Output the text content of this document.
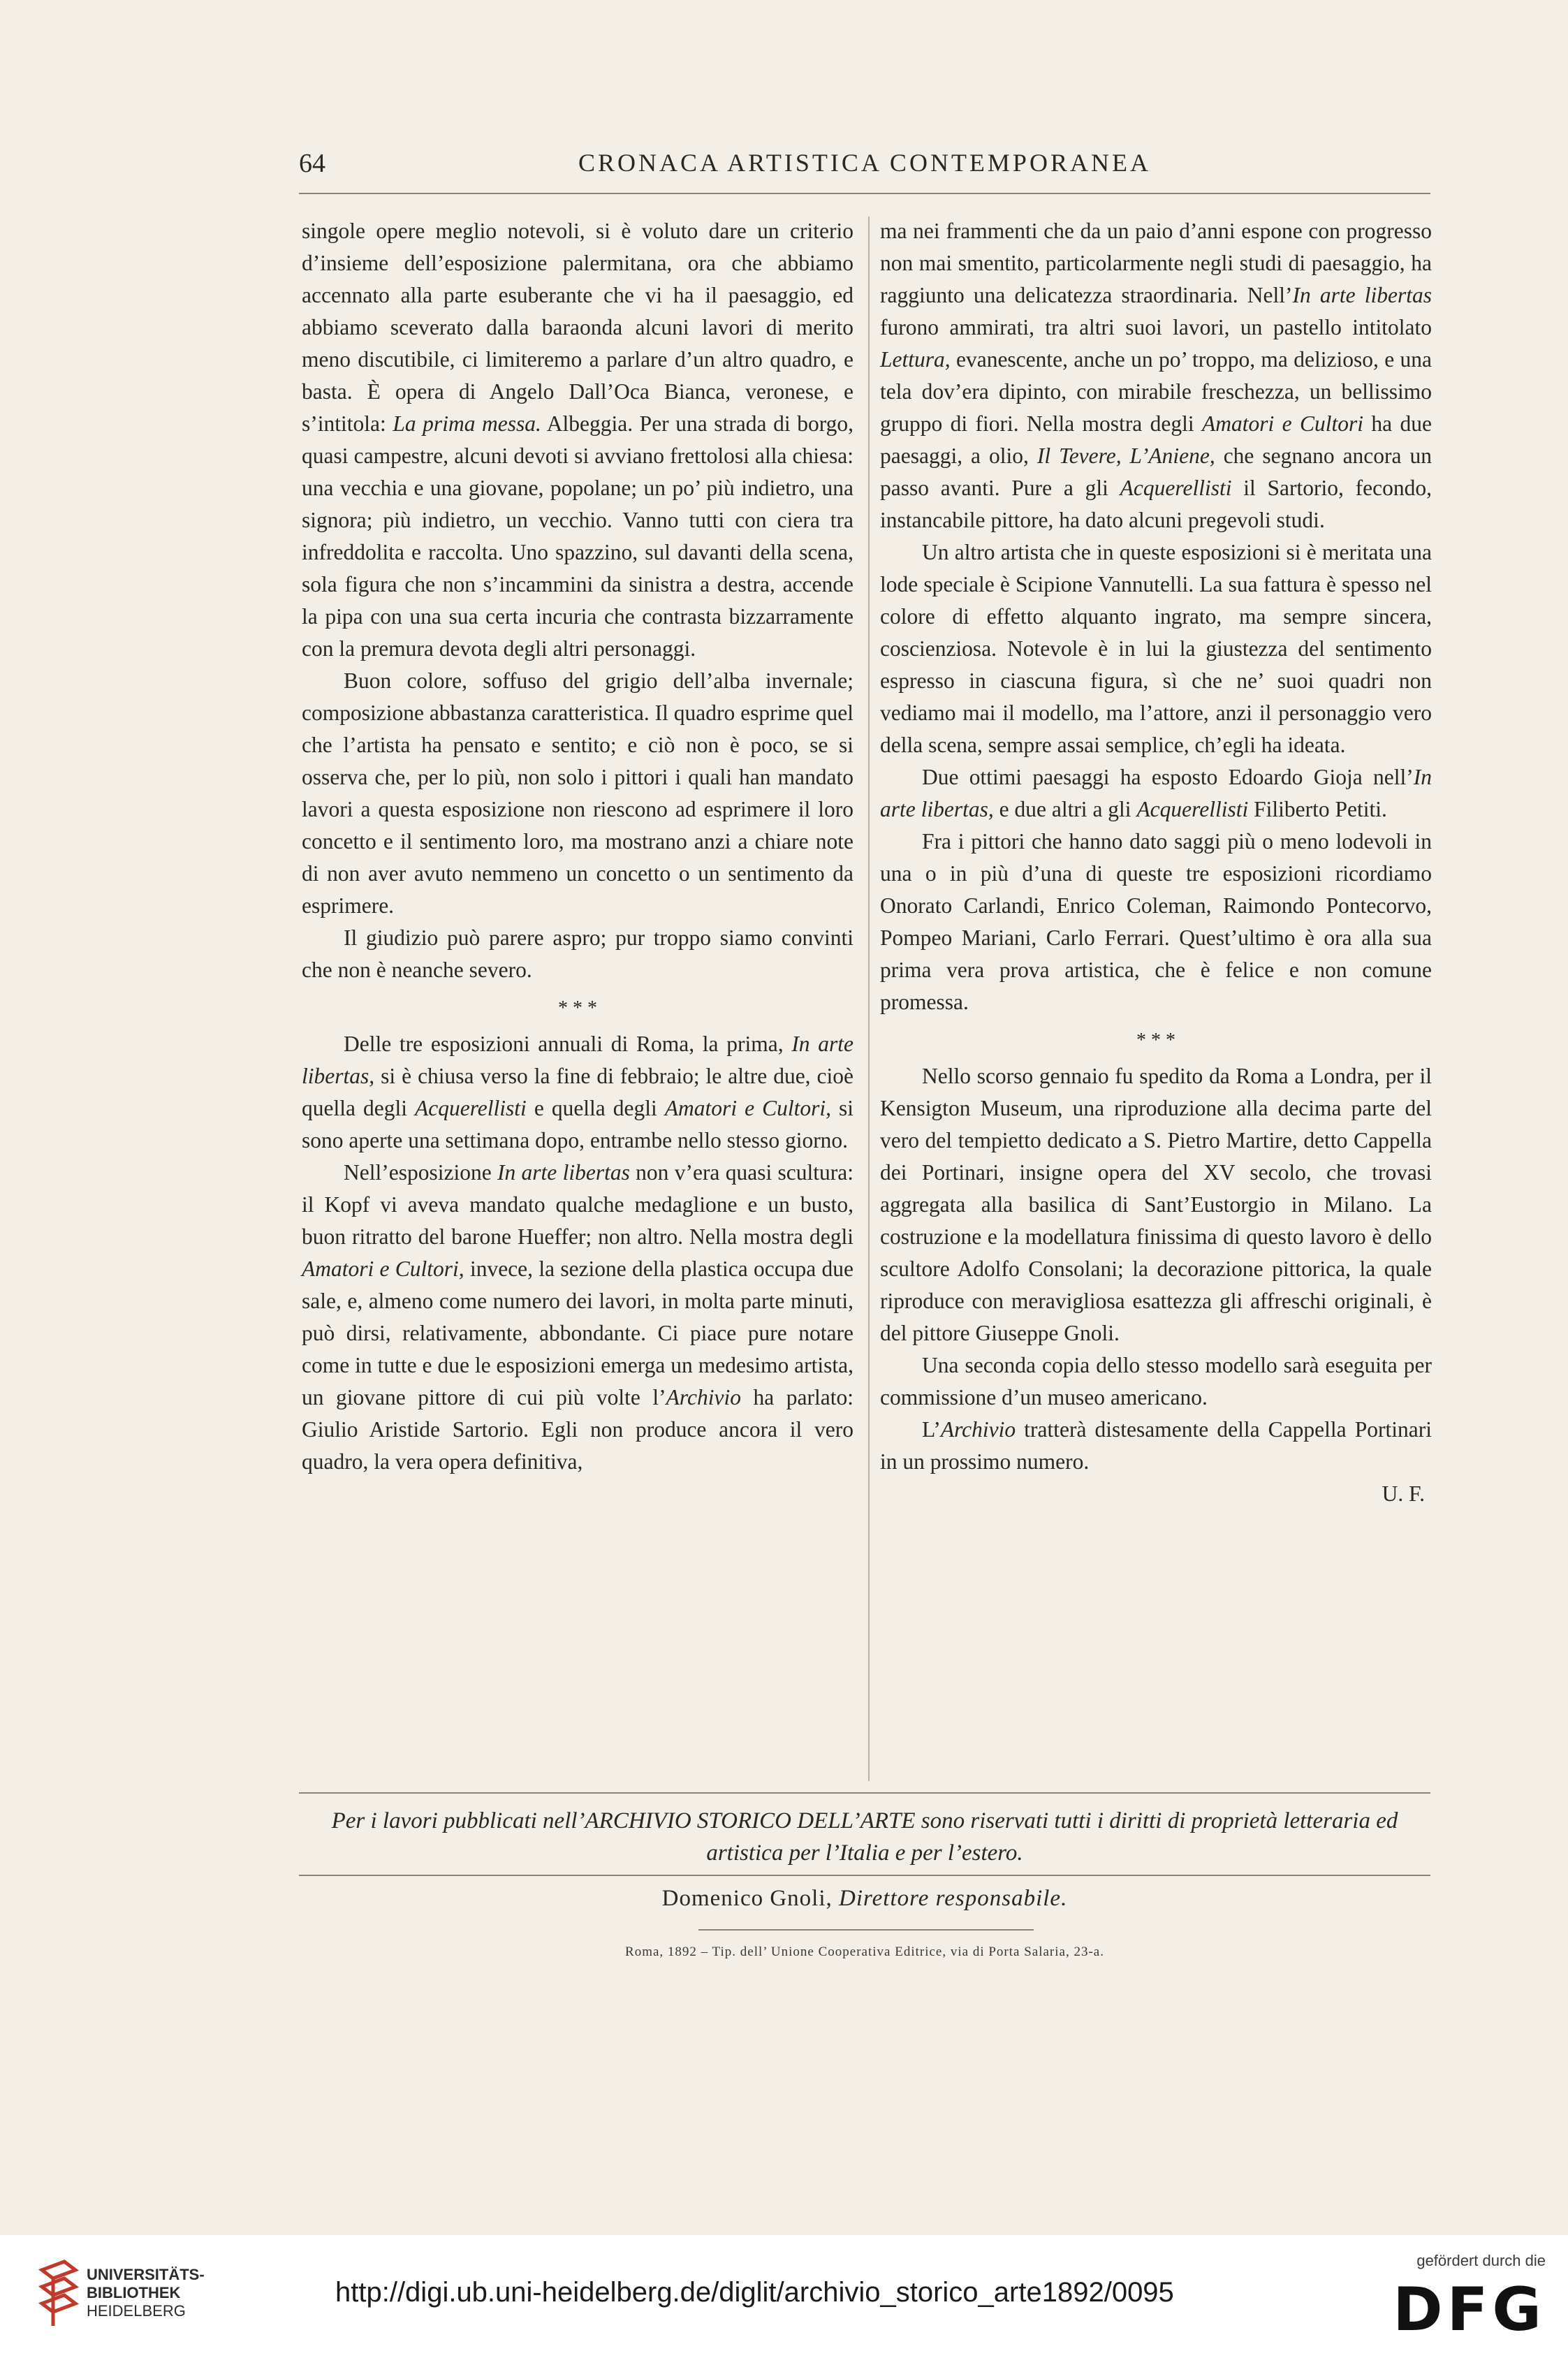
64	CRONACA ARTISTICA CONTEMPORANEA

singole opere meglio notevoli, si è voluto dare un criterio d’insieme dell’esposizione palermitana, ora che abbiamo accennato alla parte esuberante che vi ha il paesaggio, ed abbiamo sceverato dalla baraonda alcuni lavori di merito meno discutibile, ci limiteremo a parlare d’un altro quadro, e basta. È opera di Angelo Dall’Oca Bianca, veronese, e s’intitola: La prima messa. Albeggia. Per una strada di borgo, quasi campestre, alcuni devoti si avviano frettolosi alla chiesa: una vecchia e una giovane, popolane; un po’ più indietro, una signora; più indietro, un vecchio. Vanno tutti con ciera tra infreddolita e raccolta. Uno spazzino, sul davanti della scena, sola figura che non s’incammini da sinistra a destra, accende la pipa con una sua certa incuria che contrasta bizzarramente con la premura devota degli altri personaggi.

Buon colore, soffuso del grigio dell’alba invernale; composizione abbastanza caratteristica. Il quadro esprime quel che l’artista ha pensato e sentito; e ciò non è poco, se si osserva che, per lo più, non solo i pittori i quali han mandato lavori a questa esposizione non riescono ad esprimere il loro concetto e il sentimento loro, ma mostrano anzi a chiare note di non aver avuto nemmeno un concetto o un sentimento da esprimere.

Il giudizio può parere aspro; pur troppo siamo convinti che non è neanche severo.

* * *

Delle tre esposizioni annuali di Roma, la prima, In arte libertas, si è chiusa verso la fine di febbraio; le altre due, cioè quella degli Acquerellisti e quella degli Amatori e Cultori, si sono aperte una settimana dopo, entrambe nello stesso giorno.

Nell’esposizione In arte libertas non v’era quasi scultura: il Kopf vi aveva mandato qualche medaglione e un busto, buon ritratto del barone Hueffer; non altro. Nella mostra degli Amatori e Cultori, invece, la sezione della plastica occupa due sale, e, almeno come numero dei lavori, in molta parte minuti, può dirsi, relativamente, abbondante. Ci piace pure notare come in tutte e due le esposizioni emerga un medesimo artista, un giovane pittore di cui più volte l’Archivio ha parlato: Giulio Aristide Sartorio. Egli non produce ancora il vero quadro, la vera opera definitiva,

ma nei frammenti che da un paio d’anni espone con progresso non mai smentito, particolarmente negli studi di paesaggio, ha raggiunto una delicatezza straordinaria. Nell’In arte libertas furono ammirati, tra altri suoi lavori, un pastello intitolato Lettura, evanescente, anche un po’ troppo, ma delizioso, e una tela dov’era dipinto, con mirabile freschezza, un bellissimo gruppo di fiori. Nella mostra degli Amatori e Cultori ha due paesaggi, a olio, Il Tevere, L’Aniene, che segnano ancora un passo avanti. Pure a gli Acquerellisti il Sartorio, fecondo, instancabile pittore, ha dato alcuni pregevoli studi.

Un altro artista che in queste esposizioni si è meritata una lode speciale è Scipione Vannutelli. La sua fattura è spesso nel colore di effetto alquanto ingrato, ma sempre sincera, coscienziosa. Notevole è in lui la giustezza del sentimento espresso in ciascuna figura, sì che ne’ suoi quadri non vediamo mai il modello, ma l’attore, anzi il personaggio vero della scena, sempre assai semplice, ch’egli ha ideata.

Due ottimi paesaggi ha esposto Edoardo Gioja nell’In arte libertas, e due altri a gli Acquerellisti Filiberto Petiti.

Fra i pittori che hanno dato saggi più o meno lodevoli in una o in più d’una di queste tre esposizioni ricordiamo Onorato Carlandi, Enrico Coleman, Raimondo Pontecorvo, Pompeo Mariani, Carlo Ferrari. Quest’ultimo è ora alla sua prima vera prova artistica, che è felice e non comune promessa.

* * *

Nello scorso gennaio fu spedito da Roma a Londra, per il Kensigton Museum, una riproduzione alla decima parte del vero del tempietto dedicato a S. Pietro Martire, detto Cappella dei Portinari, insigne opera del XV secolo, che trovasi aggregata alla basilica di Sant’Eustorgio in Milano. La costruzione e la modellatura finissima di questo lavoro è dello scultore Adolfo Consolani; la decorazione pittorica, la quale riproduce con meravigliosa esattezza gli affreschi originali, è del pittore Giuseppe Gnoli.

Una seconda copia dello stesso modello sarà eseguita per commissione d’un museo americano.

L’Archivio tratterà distesamente della Cappella Portinari in un prossimo numero.

U. F.

Per i lavori pubblicati nell’ARCHIVIO STORICO DELL’ARTE sono riservati tutti i diritti di proprietà letteraria ed artistica per l’Italia e per l’estero.
Domenico Gnoli, Direttore responsabile.
Roma, 1892 – Tip. dell’ Unione Cooperativa Editrice, via di Porta Salaria, 23-a.
UNIVERSITÄTS-
BIBLIOTHEK
HEIDELBERG
http://digi.ub.uni-heidelberg.de/diglit/archivio_storico_arte1892/0095
gefördert durch die
DFG
